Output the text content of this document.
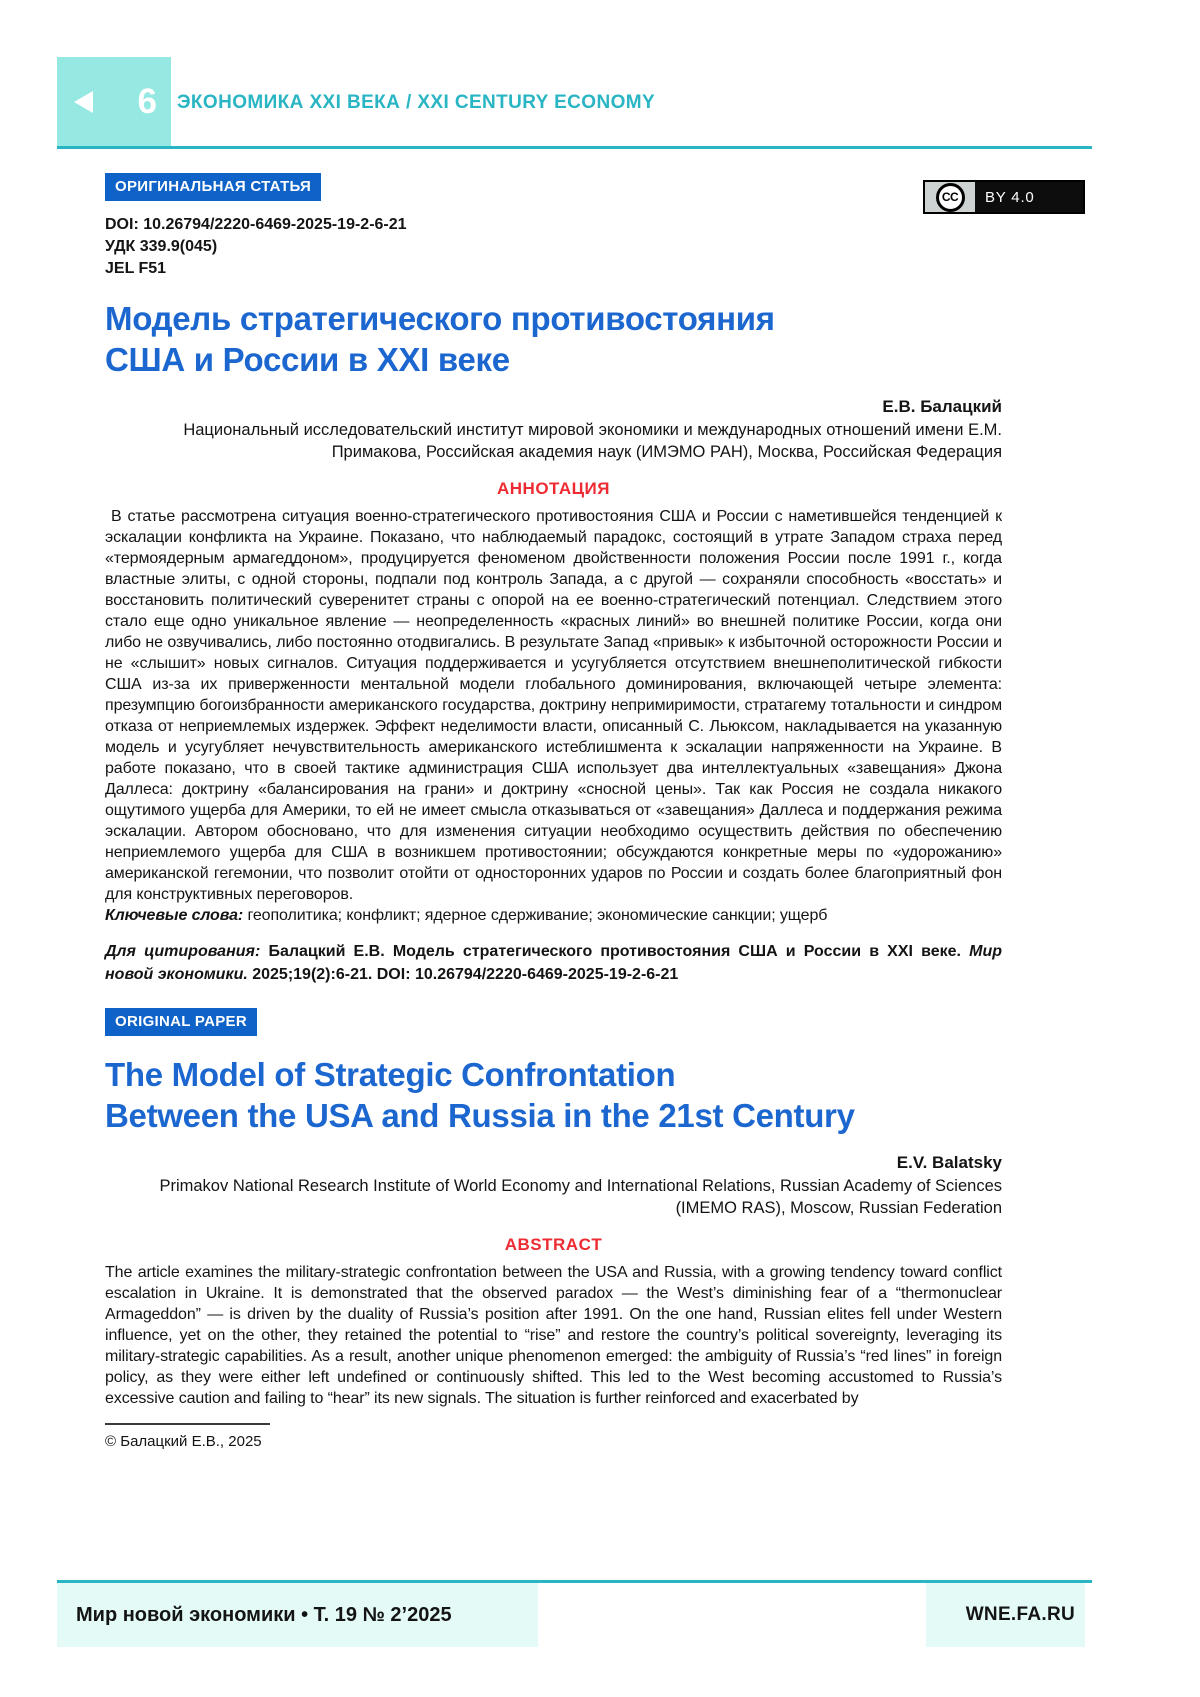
6 ЭКОНОМИКА XXI ВЕКА / XXI CENTURY ECONOMY
CC	BY 4.0
ОРИГИНАЛЬНАЯ СТАТЬЯ
DOI: 10.26794/2220-6469-2025-19-2-6-21
УДК 339.9(045)
JEL F51
Модель стратегического противостояния
США и России в XXI веке
Е.В. Балацкий
Национальный исследовательский институт мировой экономики и международных отношений имени Е.М. Примакова, Российская академия наук (ИМЭМО РАН), Москва, Российская Федерация
АННОТАЦИЯ

В статье рассмотрена ситуация военно-стратегического противостояния США и России с наметившейся тенденцией к эскалации конфликта на Украине. Показано, что наблюдаемый парадокс, состоящий в утрате Западом страха перед «термоядерным армагеддоном», продуцируется феноменом двойственности положения России после 1991 г., когда властные элиты, с одной стороны, подпали под контроль Запада, а с другой — сохраняли способность «восстать» и восстановить политический суверенитет страны с опорой на ее военно-стратегический потенциал. Следствием этого стало еще одно уникальное явление — неопределенность «красных линий» во внешней политике России, когда они либо не озвучивались, либо постоянно отодвигались. В результате Запад «привык» к избыточной осторожности России и не «слышит» новых сигналов. Ситуация поддерживается и усугубляется отсутствием внешнеполитической гибкости США из-за их приверженности ментальной модели глобального доминирования, включающей четыре элемента: презумпцию богоизбранности американского государства, доктрину непримиримости, стратагему тотальности и синдром отказа от неприемлемых издержек. Эффект неделимости власти, описанный С. Льюксом, накладывается на указанную модель и усугубляет нечувствительность американского истеблишмента к эскалации напряженности на Украине. В работе показано, что в своей тактике администрация США использует два интеллектуальных «завещания» Джона Даллеса: доктрину «балансирования на грани» и доктрину «сносной цены». Так как Россия не создала никакого ощутимого ущерба для Америки, то ей не имеет смысла отказываться от «завещания» Даллеса и поддержания режима эскалации. Автором обосновано, что для изменения ситуации необходимо осуществить действия по обеспечению неприемлемого ущерба для США в возникшем противостоянии; обсуждаются конкретные меры по «удорожанию» американской гегемонии, что позволит отойти от односторонних ударов по России и создать более благоприятный фон для конструктивных переговоров.

Ключевые слова: геополитика; конфликт; ядерное сдерживание; экономические санкции; ущерб

Для цитирования: Балацкий Е.В. Модель стратегического противостояния США и России в XXI веке. Мир новой экономики. 2025;19(2):6-21. DOI: 10.26794/2220-6469-2025-19-2-6-21

ORIGINAL PAPER
The Model of Strategic Confrontation
Between the USA and Russia in the 21st Century
E.V. Balatsky
Primakov National Research Institute of World Economy and International Relations, Russian Academy of Sciences (IMEMO RAS), Moscow, Russian Federation
ABSTRACT

The article examines the military-strategic confrontation between the USA and Russia, with a growing tendency toward conflict escalation in Ukraine. It is demonstrated that the observed paradox — the West’s diminishing fear of a “thermonuclear Armageddon” — is driven by the duality of Russia’s position after 1991. On the one hand, Russian elites fell under Western influence, yet on the other, they retained the potential to “rise” and restore the country’s political sovereignty, leveraging its military-strategic capabilities. As a result, another unique phenomenon emerged: the ambiguity of Russia’s “red lines” in foreign policy, as they were either left undefined or continuously shifted. This led to the West becoming accustomed to Russia’s excessive caution and failing to “hear” its new signals. The situation is further reinforced and exacerbated by

© Балацкий Е.В., 2025
Мир новой экономики • Т. 19 № 2’2025	WNE.FA.RU
